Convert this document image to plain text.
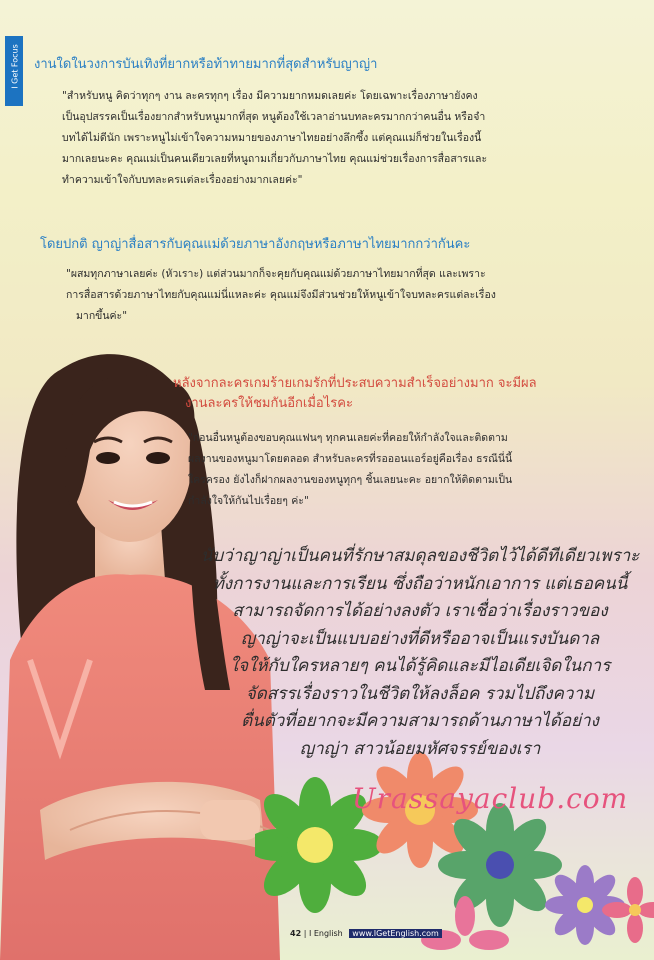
I Get Focus งานใดในวงการบันเทิงที่ยากหรือท้าทายมากที่สุดสำหรับญาญ่า
"สำหรับหนู คิดว่าทุกๆ งาน ละครทุกๆ เรื่อง มีความยากหมดเลยค่ะ โดยเฉพาะเรื่องภาษายังคง
เป็นอุปสรรคเป็นเรื่องยากสำหรับหนูมากที่สุด หนูต้องใช้เวลาอ่านบทละครมากกว่าคนอื่น หรือจำ
บทได้ไม่ดีนัก เพราะหนูไม่เข้าใจความหมายของภาษาไทยอย่างลึกซึ้ง แต่คุณแม่ก็ช่วยในเรื่องนี้
มากเลยนะคะ คุณแม่เป็นคนเดียวเลยที่หนูถามเกี่ยวกับภาษาไทย คุณแม่ช่วยเรื่องการสื่อสารและ
ทำความเข้าใจกับบทละครแต่ละเรื่องอย่างมากเลยค่ะ"
โดยปกติ ญาญ่าสื่อสารกับคุณแม่ด้วยภาษาอังกฤษหรือภาษาไทยมากกว่ากันคะ
"ผสมทุกภาษาเลยค่ะ (หัวเราะ) แต่ส่วนมากก็จะคุยกับคุณแม่ด้วยภาษาไทยมากที่สุด และเพราะ
การสื่อสารด้วยภาษาไทยกับคุณแม่นี่แหละค่ะ คุณแม่จึงมีส่วนช่วยให้หนูเข้าใจบทละครแต่ละเรื่อง
มากขึ้นค่ะ"
หลังจากละครเกมร้ายเกมรักที่ประสบความสำเร็จอย่างมาก จะมีผล
งานละครให้ชมกันอีกเมื่อไรคะ
"ก่อนอื่นหนูต้องขอบคุณแฟนๆ ทุกคนเลยค่ะที่คอยให้กำลังใจและติดตาม
ผลงานของหนูมาโดยตลอด สำหรับละครที่รอออนแอร์อยู่คือเรื่อง ธรณีนี่นี้
ใครครอง ยังไงก็ฝากผลงานของหนูทุกๆ ชิ้นเลยนะคะ อยากให้ติดตามเป็น
กำลังใจให้กันไปเรื่อยๆ ค่ะ"
นับว่าญาญ่าเป็นคนที่รักษาสมดุลของชีวิตไว้ได้ดีทีเดียวเพราะ
ทั้งการงานและการเรียน ซึ่งถือว่าหนักเอาการ แต่เธอคนนี้
สามารถจัดการได้อย่างลงตัว เราเชื่อว่าเรื่องราวของ
ญาญ่าจะเป็นแบบอย่างที่ดีหรืออาจเป็นแรงบันดาล
ใจให้กับใครหลายๆ คนได้รู้คิดและมีไอเดียเจิดในการ
จัดสรรเรื่องราวในชีวิตให้ลงล็อค รวมไปถึงความ
ตื่นตัวที่อยากจะมีความสามารถด้านภาษาได้อย่าง
ญาญ่า สาวน้อยมหัศจรรย์ของเรา
Urassayaclub.com
42 | I English www.IGetEnglish.com
